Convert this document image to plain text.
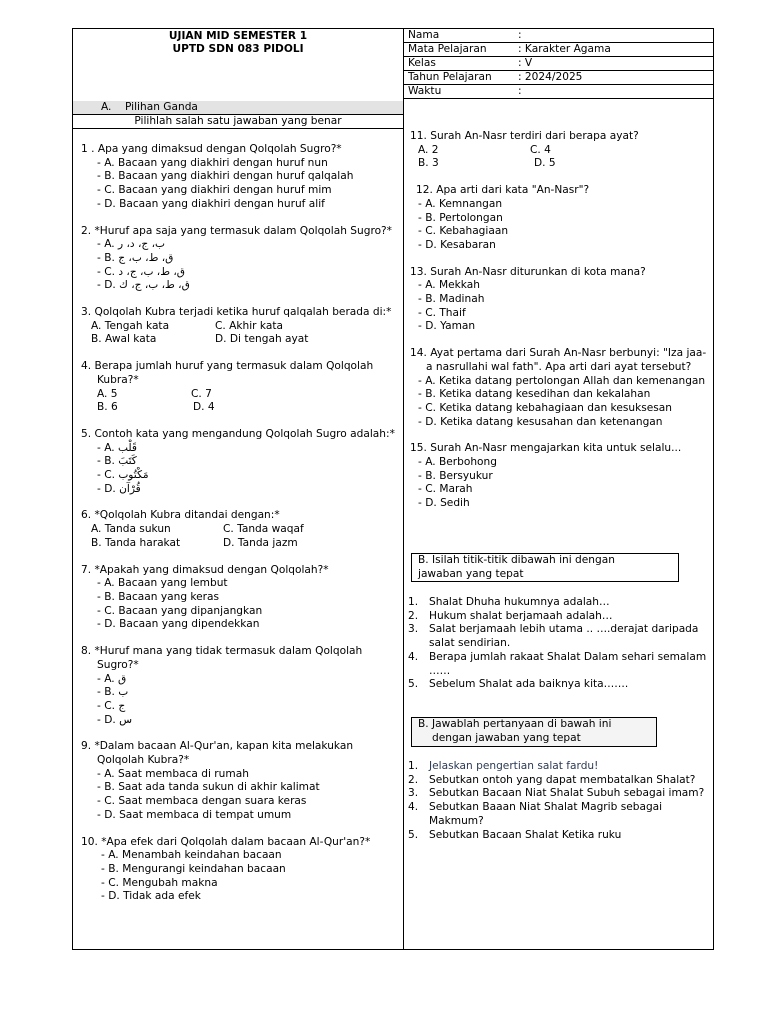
UJIAN MID SEMESTER 1
UPTD SDN 083 PIDOLI
Nama	:
Mata Pelajaran	: Karakter Agama
Kelas	: V
Tahun Pelajaran	: 2024/2025
Waktu	:
A. Pilihan Ganda
Pilihlah salah satu jawaban yang benar
1 . Apa yang dimaksud dengan Qolqolah Sugro?*
- A. Bacaan yang diakhiri dengan huruf nun
- B. Bacaan yang diakhiri dengan huruf qalqalah
- C. Bacaan yang diakhiri dengan huruf mim
- D. Bacaan yang diakhiri dengan huruf alif
2. *Huruf apa saja yang termasuk dalam Qolqolah Sugro?*
- A. ب، ج، د، ر
- B. ق، ط، ب، ج
- C. ق، ط، ب، ج، د
- D. ق، ط، ب، ج، ك
3. Qolqolah Kubra terjadi ketika huruf qalqalah berada di:*
A. Tengah kata	C. Akhir kata
B. Awal kata	D. Di tengah ayat
4. Berapa jumlah huruf yang termasuk dalam Qolqolah Kubra?*
A. 5	C. 7
B. 6	D. 4
5. Contoh kata yang mengandung Qolqolah Sugro adalah:*
- A. قَلْب
- B. كَتَبَ
- C. مَكْتُوب
- D. قُرْآن
6. *Qolqolah Kubra ditandai dengan:*
A. Tanda sukun	C. Tanda waqaf
B. Tanda harakat	D. Tanda jazm
7. *Apakah yang dimaksud dengan Qolqolah?*
- A. Bacaan yang lembut
- B. Bacaan yang keras
- C. Bacaan yang dipanjangkan
- D. Bacaan yang dipendekkan
8. *Huruf mana yang tidak termasuk dalam Qolqolah Sugro?*
- A. ق
- B. ب
- C. ج
- D. س
9. *Dalam bacaan Al-Qur'an, kapan kita melakukan Qolqolah Kubra?*
- A. Saat membaca di rumah
- B. Saat ada tanda sukun di akhir kalimat
- C. Saat membaca dengan suara keras
- D. Saat membaca di tempat umum
10. *Apa efek dari Qolqolah dalam bacaan Al-Qur'an?*
- A. Menambah keindahan bacaan
- B. Mengurangi keindahan bacaan
- C. Mengubah makna
- D. Tidak ada efek
11. Surah An-Nasr terdiri dari berapa ayat?
A. 2	C. 4
B. 3	D. 5
12. Apa arti dari kata "An-Nasr"?
- A. Kemnangan
- B. Pertolongan
- C. Kebahagiaan
- D. Kesabaran
13. Surah An-Nasr diturunkan di kota mana?
- A. Mekkah
- B. Madinah
- C. Thaif
- D. Yaman
14. Ayat pertama dari Surah An-Nasr berbunyi: "Iza jaa-a nasrullahi wal fath". Apa arti dari ayat tersebut?
- A. Ketika datang pertolongan Allah dan kemenangan
- B. Ketika datang kesedihan dan kekalahan
- C. Ketika datang kebahagiaan dan kesuksesan
- D. Ketika datang kesusahan dan ketenangan
15. Surah An-Nasr mengajarkan kita untuk selalu...
- A. Berbohong
- B. Bersyukur
- C. Marah
- D. Sedih
B. Isilah titik-titik dibawah ini dengan
jawaban yang tepat
1. Shalat Dhuha hukumnya adalah…
2. Hukum shalat berjamaah adalah…
3. Salat berjamaah lebih utama .. ….derajat daripada salat sendirian.
4. Berapa jumlah rakaat Shalat Dalam sehari semalam ……
5. Sebelum Shalat ada baiknya kita…….
B. Jawablah pertanyaan di bawah ini
dengan jawaban yang tepat
1. Jelaskan pengertian salat fardu!
2. Sebutkan ontoh yang dapat membatalkan Shalat?
3. Sebutkan Bacaan Niat Shalat Subuh sebagai imam?
4. Sebutkan Baaan Niat Shalat Magrib sebagai Makmum?
5. Sebutkan Bacaan Shalat Ketika ruku
